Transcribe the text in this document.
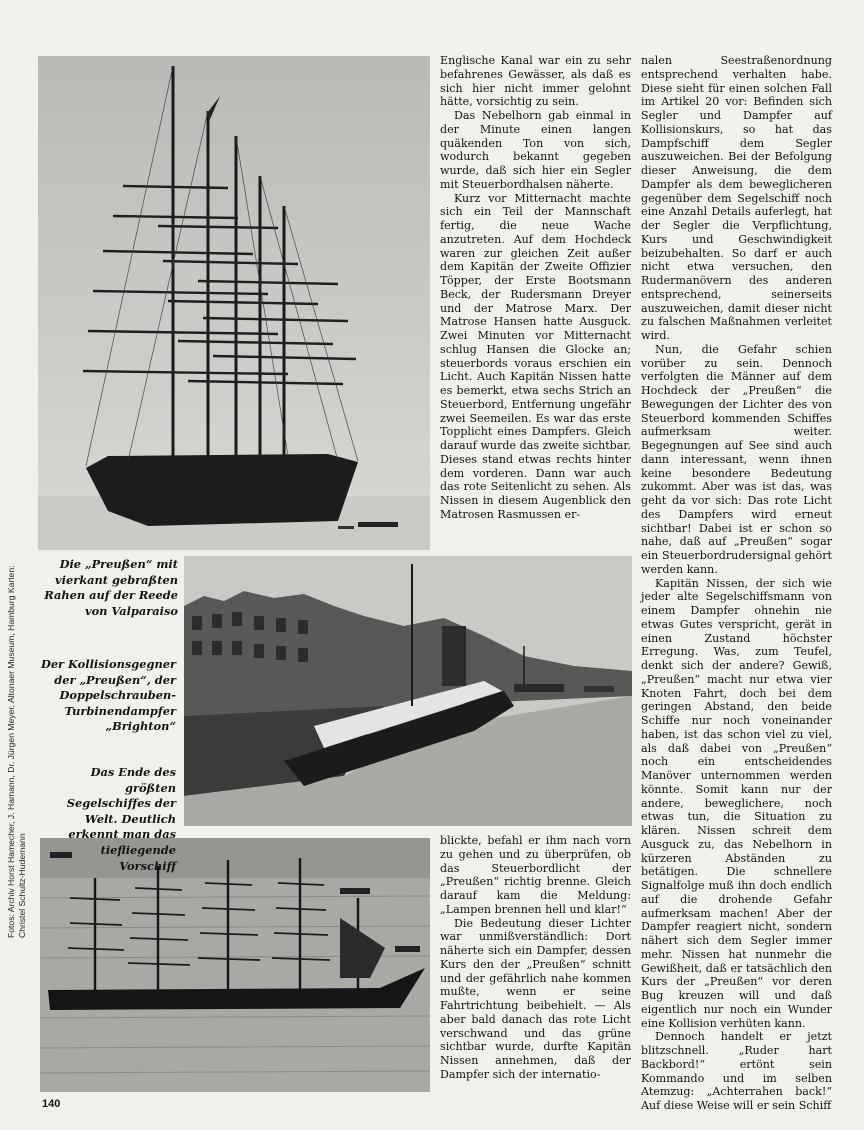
Fotos: Archiv Horst Hamecher, J. Hamann, Dr. Jürgen Meyer, Altonaer Museum, Hamburg Karten: Christel Schultz-Hudemann
Die „Preußen“ mit vierkant gebraßten Rahen auf der Reede von Valparaiso
Der Kollisionsgegner der „Preußen“, der Doppelschrauben-Turbinendampfer „Brighton“
Das Ende des größten Segelschiffes der Welt. Deutlich erkennt man das tiefliegende Vorschiff

Englische Kanal war ein zu sehr befahrenes Gewässer, als daß es sich hier nicht immer gelohnt hätte, vorsichtig zu sein.

Das Nebelhorn gab einmal in der Minute einen langen quäkenden Ton von sich, wodurch bekannt gegeben wurde, daß sich hier ein Segler mit Steuerbordhalsen näherte.

Kurz vor Mitternacht machte sich ein Teil der Mannschaft fertig, die neue Wache anzutreten. Auf dem Hochdeck waren zur gleichen Zeit außer dem Kapitän der Zweite Offizier Töpper, der Erste Bootsmann Beck, der Rudersmann Dreyer und der Matrose Marx. Der Matrose Hansen hatte Ausguck. Zwei Minuten vor Mitternacht schlug Hansen die Glocke an; steuerbords voraus erschien ein Licht. Auch Kapitän Nissen hatte es bemerkt, etwa sechs Strich an Steuerbord, Entfernung ungefähr zwei Seemeilen. Es war das erste Topplicht eines Dampfers. Gleich darauf wurde das zweite sichtbar. Dieses stand etwas rechts hinter dem vorderen. Dann war auch das rote Seitenlicht zu sehen. Als Nissen in diesem Augenblick den Matrosen Rasmussen er-

blickte, befahl er ihm nach vorn zu gehen und zu überprüfen, ob das Steuerbordlicht der „Preußen“ richtig brenne. Gleich darauf kam die Meldung: „Lampen brennen hell und klar!“

Die Bedeutung dieser Lichter war unmißverständlich: Dort näherte sich ein Dampfer, dessen Kurs den der „Preußen“ schnitt und der gefährlich nahe kommen mußte, wenn er seine Fahrtrichtung beibehielt. — Als aber bald danach das rote Licht verschwand und das grüne sichtbar wurde, durfte Kapitän Nissen annehmen, daß der Dampfer sich der internatio-

nalen Seestraßenordnung entsprechend verhalten habe. Diese sieht für einen solchen Fall im Artikel 20 vor: Befinden sich Segler und Dampfer auf Kollisionskurs, so hat das Dampfschiff dem Segler auszuweichen. Bei der Befolgung dieser Anweisung, die dem Dampfer als dem beweglicheren gegenüber dem Segelschiff noch eine Anzahl Details auferlegt, hat der Segler die Verpflichtung, Kurs und Geschwindigkeit beizubehalten. So darf er auch nicht etwa versuchen, den Rudermanövern des anderen entsprechend, seinerseits auszuweichen, damit dieser nicht zu falschen Maßnahmen verleitet wird.

Nun, die Gefahr schien vorüber zu sein. Dennoch verfolgten die Männer auf dem Hochdeck der „Preußen“ die Bewegungen der Lichter des von Steuerbord kommenden Schiffes aufmerksam weiter. Begegnungen auf See sind auch dann interessant, wenn ihnen keine besondere Bedeutung zukommt. Aber was ist das, was geht da vor sich: Das rote Licht des Dampfers wird erneut sichtbar! Dabei ist er schon so nahe, daß auf „Preußen“ sogar ein Steuerbordrudersignal gehört werden kann.

Kapitän Nissen, der sich wie jeder alte Segelschiffsmann von einem Dampfer ohnehin nie etwas Gutes verspricht, gerät in einen Zustand höchster Erregung. Was, zum Teufel, denkt sich der andere? Gewiß, „Preußen“ macht nur etwa vier Knoten Fahrt, doch bei dem geringen Abstand, den beide Schiffe nur noch voneinander haben, ist das schon viel zu viel, als daß dabei von „Preußen“ noch ein entscheidendes Manöver unternommen werden könnte. Somit kann nur der andere, beweglichere, noch etwas tun, die Situation zu klären. Nissen schreit dem Ausguck zu, das Nebelhorn in kürzeren Abständen zu betätigen. Die schnellere Signalfolge muß ihn doch endlich auf die drohende Gefahr aufmerksam machen! Aber der Dampfer reagiert nicht, sondern nähert sich dem Segler immer mehr. Nissen hat nunmehr die Gewißheit, daß er tatsächlich den Kurs der „Preußen“ vor deren Bug kreuzen will und daß eigentlich nur noch ein Wunder eine Kollision verhüten kann.

Dennoch handelt er jetzt blitzschnell. „Ruder hart Backbord!“ ertönt sein Kommando und im selben Atemzug: „Achterrahen back!“ Auf diese Weise will er sein Schiff

140
